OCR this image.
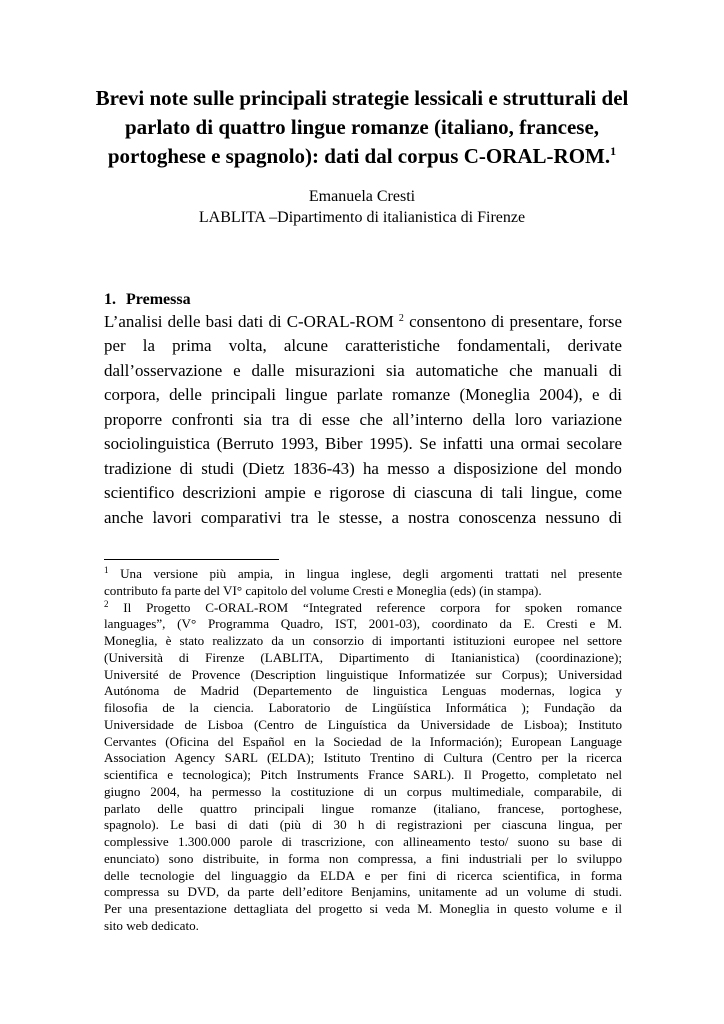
Brevi note sulle principali strategie lessicali e strutturali del
parlato di quattro lingue romanze (italiano, francese,
portoghese e spagnolo): dati dal corpus C-ORAL-ROM.$^1$
Emanuela Cresti
LABLITA –Dipartimento di italianistica di Firenze
1. Premessa
L’analisi delle basi dati di C-ORAL-ROM $^2$ consentono di presentare, forse
per la prima volta, alcune caratteristiche fondamentali, derivate
dall’osservazione e dalle misurazioni sia automatiche che manuali di
corpora, delle principali lingue parlate romanze (Moneglia 2004), e di
proporre confronti sia tra di esse che all’interno della loro variazione
sociolinguistica (Berruto 1993, Biber 1995). Se infatti una ormai secolare
tradizione di studi (Dietz 1836-43) ha messo a disposizione del mondo
scientifico descrizioni ampie e rigorose di ciascuna di tali lingue, come
anche lavori comparativi tra le stesse, a nostra conoscenza nessuno di

$^1$ Una versione più ampia, in lingua inglese, degli argomenti trattati nel presente
contributo fa parte del VI° capitolo del volume Cresti e Moneglia (eds) (in stampa).

$^2$ Il Progetto C-ORAL-ROM “Integrated reference corpora for spoken romance
languages”, (V° Programma Quadro, IST, 2001-03), coordinato da E. Cresti e M.
Moneglia, è stato realizzato da un consorzio di importanti istituzioni europee nel settore
(Università di Firenze (LABLITA, Dipartimento di Itanianistica) (coordinazione);
Université de Provence (Description linguistique Informatizée sur Corpus); Universidad
Autónoma de Madrid (Departemento de linguistica Lenguas modernas, logica y
filosofia de la ciencia. Laboratorio de Lingüística Informática ); Fundação da
Universidade de Lisboa (Centro de Linguística da Universidade de Lisboa); Instituto
Cervantes (Oficina del Español en la Sociedad de la Información); European Language
Association Agency SARL (ELDA); Istituto Trentino di Cultura (Centro per la ricerca
scientifica e tecnologica); Pitch Instruments France SARL). Il Progetto, completato nel
giugno 2004, ha permesso la costituzione di un corpus multimediale, comparabile, di
parlato delle quattro principali lingue romanze (italiano, francese, portoghese,
spagnolo). Le basi di dati (più di 30 h di registrazioni per ciascuna lingua, per
complessive 1.300.000 parole di trascrizione, con allineamento testo/ suono su base di
enunciato) sono distribuite, in forma non compressa, a fini industriali per lo sviluppo
delle tecnologie del linguaggio da ELDA e per fini di ricerca scientifica, in forma
compressa su DVD, da parte dell’editore Benjamins, unitamente ad un volume di studi.
Per una presentazione dettagliata del progetto si veda M. Moneglia in questo volume e il
sito web dedicato.
